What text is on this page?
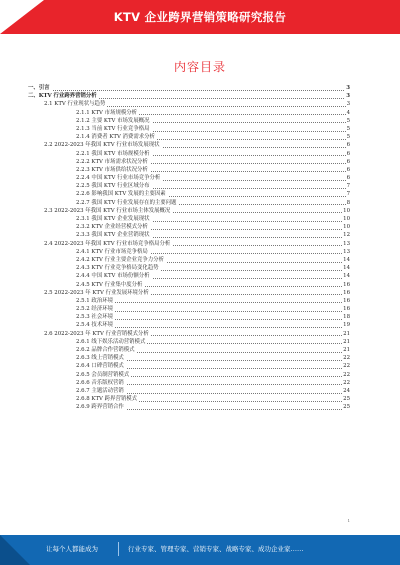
KTV 企业跨界营销策略研究报告
内容目录
一、引言	3
二、KTV 行业跨界营销分析	3
2.1 KTV 行业现状与趋势	3
2.1.1 KTV 市场规模分析	4
2.1.2 主要 KTV 市场发展概况	5
2.1.3 当前 KTV 行业竞争格局	5
2.1.4 消费者 KTV 消费需求分析	5
2.2 2022-2023 年我国 KTV 行业市场发展现状	6
2.2.1 我国 KTV 市场规模分析	6
2.2.2 KTV 市场需求状况分析	6
2.2.3 KTV 市场供给状况分析	6
2.2.4 中国 KTV 行业市场竞争分析	6
2.2.5 我国 KTV 行业区域分布	7
2.2.6 影响我国 KTV 发展的主要因素	7
2.2.7 我国 KTV 行业发展存在的主要问题	8
2.3 2022-2023 年我国 KTV 行业市场主体发展概况	10
2.3.1 我国 KTV 企业发展现状	10
2.3.2 KTV 企业经营模式分析	10
2.3.3 我国 KTV 企业营销现状	12
2.4 2022-2023 年我国 KTV 行业市场竞争格局分析	13
2.4.1 KTV 行业市场竞争格局	13
2.4.2 KTV 行业主要企业竞争力分析	14
2.4.3 KTV 行业竞争格局变化趋势	14
2.4.4 中国 KTV 市场份额分析	14
2.4.5 KTV 行业集中度分析	16
2.5 2022-2023 年 KTV 行业发展环境分析	16
2.5.1 政治环境	16
2.5.2 经济环境	16
2.5.3 社会环境	18
2.5.4 技术环境	19
2.6 2022-2023 年 KTV 行业营销模式分析	21
2.6.1 线下娱乐活动营销模式	21
2.6.2 品牌合作营销模式	21
2.6.3 线上营销模式	22
2.6.4 口碑营销模式	22
2.6.5 会员制营销模式	22
2.6.6 音乐版权营销	22
2.6.7 主题活动营销	24
2.6.8 KTV 跨界营销模式	25
2.6.9 跨界营销合作	25
1
让每个人都能成为	行业专家、管理专家、营销专家、战略专家、成功企业家……
